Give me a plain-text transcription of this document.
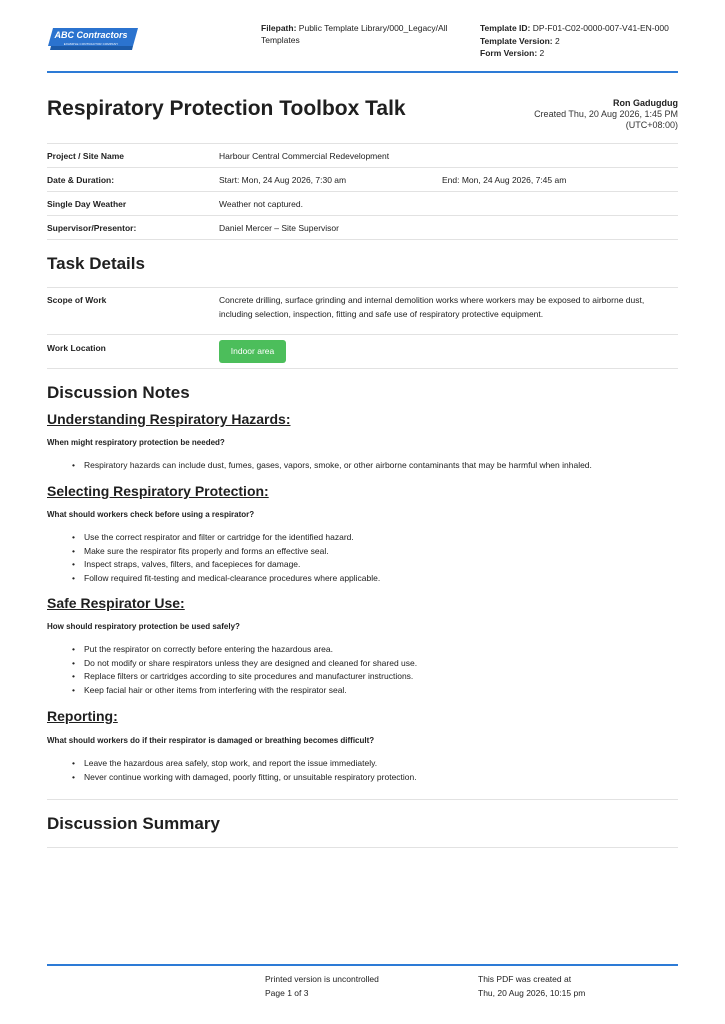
ABC Contractors
EXAMPLE CONTRACTOR COMPANY
Filepath: Public Template Library/000_Legacy/All Templates
Template ID: DP-F01-C02-0000-007-V41-EN-000
Template Version: 2
Form Version: 2
Respiratory Protection Toolbox Talk	Ron Gadugdug
Created Thu, 20 Aug 2026, 1:45 PM
(UTC+08:00)
Project / Site Name	Harbour Central Commercial Redevelopment
Date & Duration:	Start: Mon, 24 Aug 2026, 7:30 am	End: Mon, 24 Aug 2026, 7:45 am
Single Day Weather	Weather not captured.
Supervisor/Presentor:	Daniel Mercer – Site Supervisor
Task Details
Scope of Work	Concrete drilling, surface grinding and internal demolition works where workers may be exposed to airborne dust, including selection, inspection, fitting and safe use of respiratory protective equipment.
Work Location	Indoor area
Discussion Notes
Understanding Respiratory Hazards:
When might respiratory protection be needed?
• Respiratory hazards can include dust, fumes, gases, vapors, smoke, or other airborne contaminants that may be harmful when inhaled.
Selecting Respiratory Protection:
What should workers check before using a respirator?
• Use the correct respirator and filter or cartridge for the identified hazard.
• Make sure the respirator fits properly and forms an effective seal.
• Inspect straps, valves, filters, and facepieces for damage.
• Follow required fit-testing and medical-clearance procedures where applicable.
Safe Respirator Use:
How should respiratory protection be used safely?
• Put the respirator on correctly before entering the hazardous area.
• Do not modify or share respirators unless they are designed and cleaned for shared use.
• Replace filters or cartridges according to site procedures and manufacturer instructions.
• Keep facial hair or other items from interfering with the respirator seal.
Reporting:
What should workers do if their respirator is damaged or breathing becomes difficult?
• Leave the hazardous area safely, stop work, and report the issue immediately.
• Never continue working with damaged, poorly fitting, or unsuitable respiratory protection.
Discussion Summary
Printed version is uncontrolled
Page 1 of 3
This PDF was created at
Thu, 20 Aug 2026, 10:15 pm
